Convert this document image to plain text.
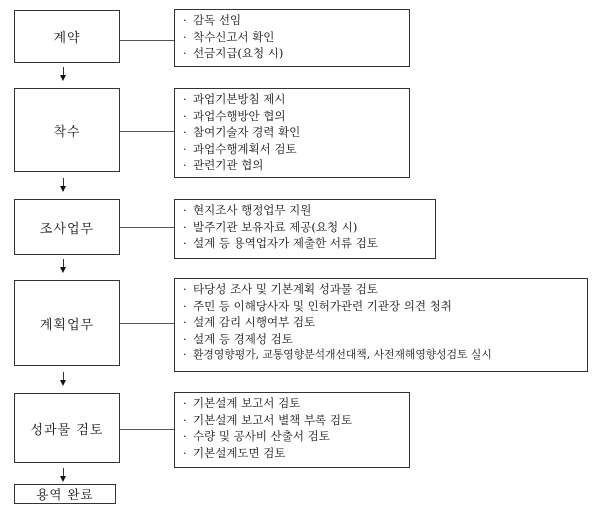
계약
· 감독 선임
· 착수신고서 확인
· 선금지급(요청 시)
착수
· 과업기본방침 제시
· 과업수행방안 협의
· 참여기술자 경력 확인
· 과업수행계획서 검토
· 관련기관 협의
조사업무
· 현지조사 행정업무 지원
· 발주기관 보유자료 제공(요청 시)
· 설계 등 용역업자가 제출한 서류 검토
계획업무
· 타당성 조사 및 기본계획 성과물 검토
· 주민 등 이해당사자 및 인허가관련 기관장 의견 청취
· 설계 감리 시행여부 검토
· 설계 등 경제성 검토
· 환경영향평가, 교통영향분석개선대책, 사전재해영향성검토 실시
성과물 검토
· 기본설계 보고서 검토
· 기본설계 보고서 별책 부록 검토
· 수량 및 공사비 산출서 검토
· 기본설계도면 검토
용역 완료
